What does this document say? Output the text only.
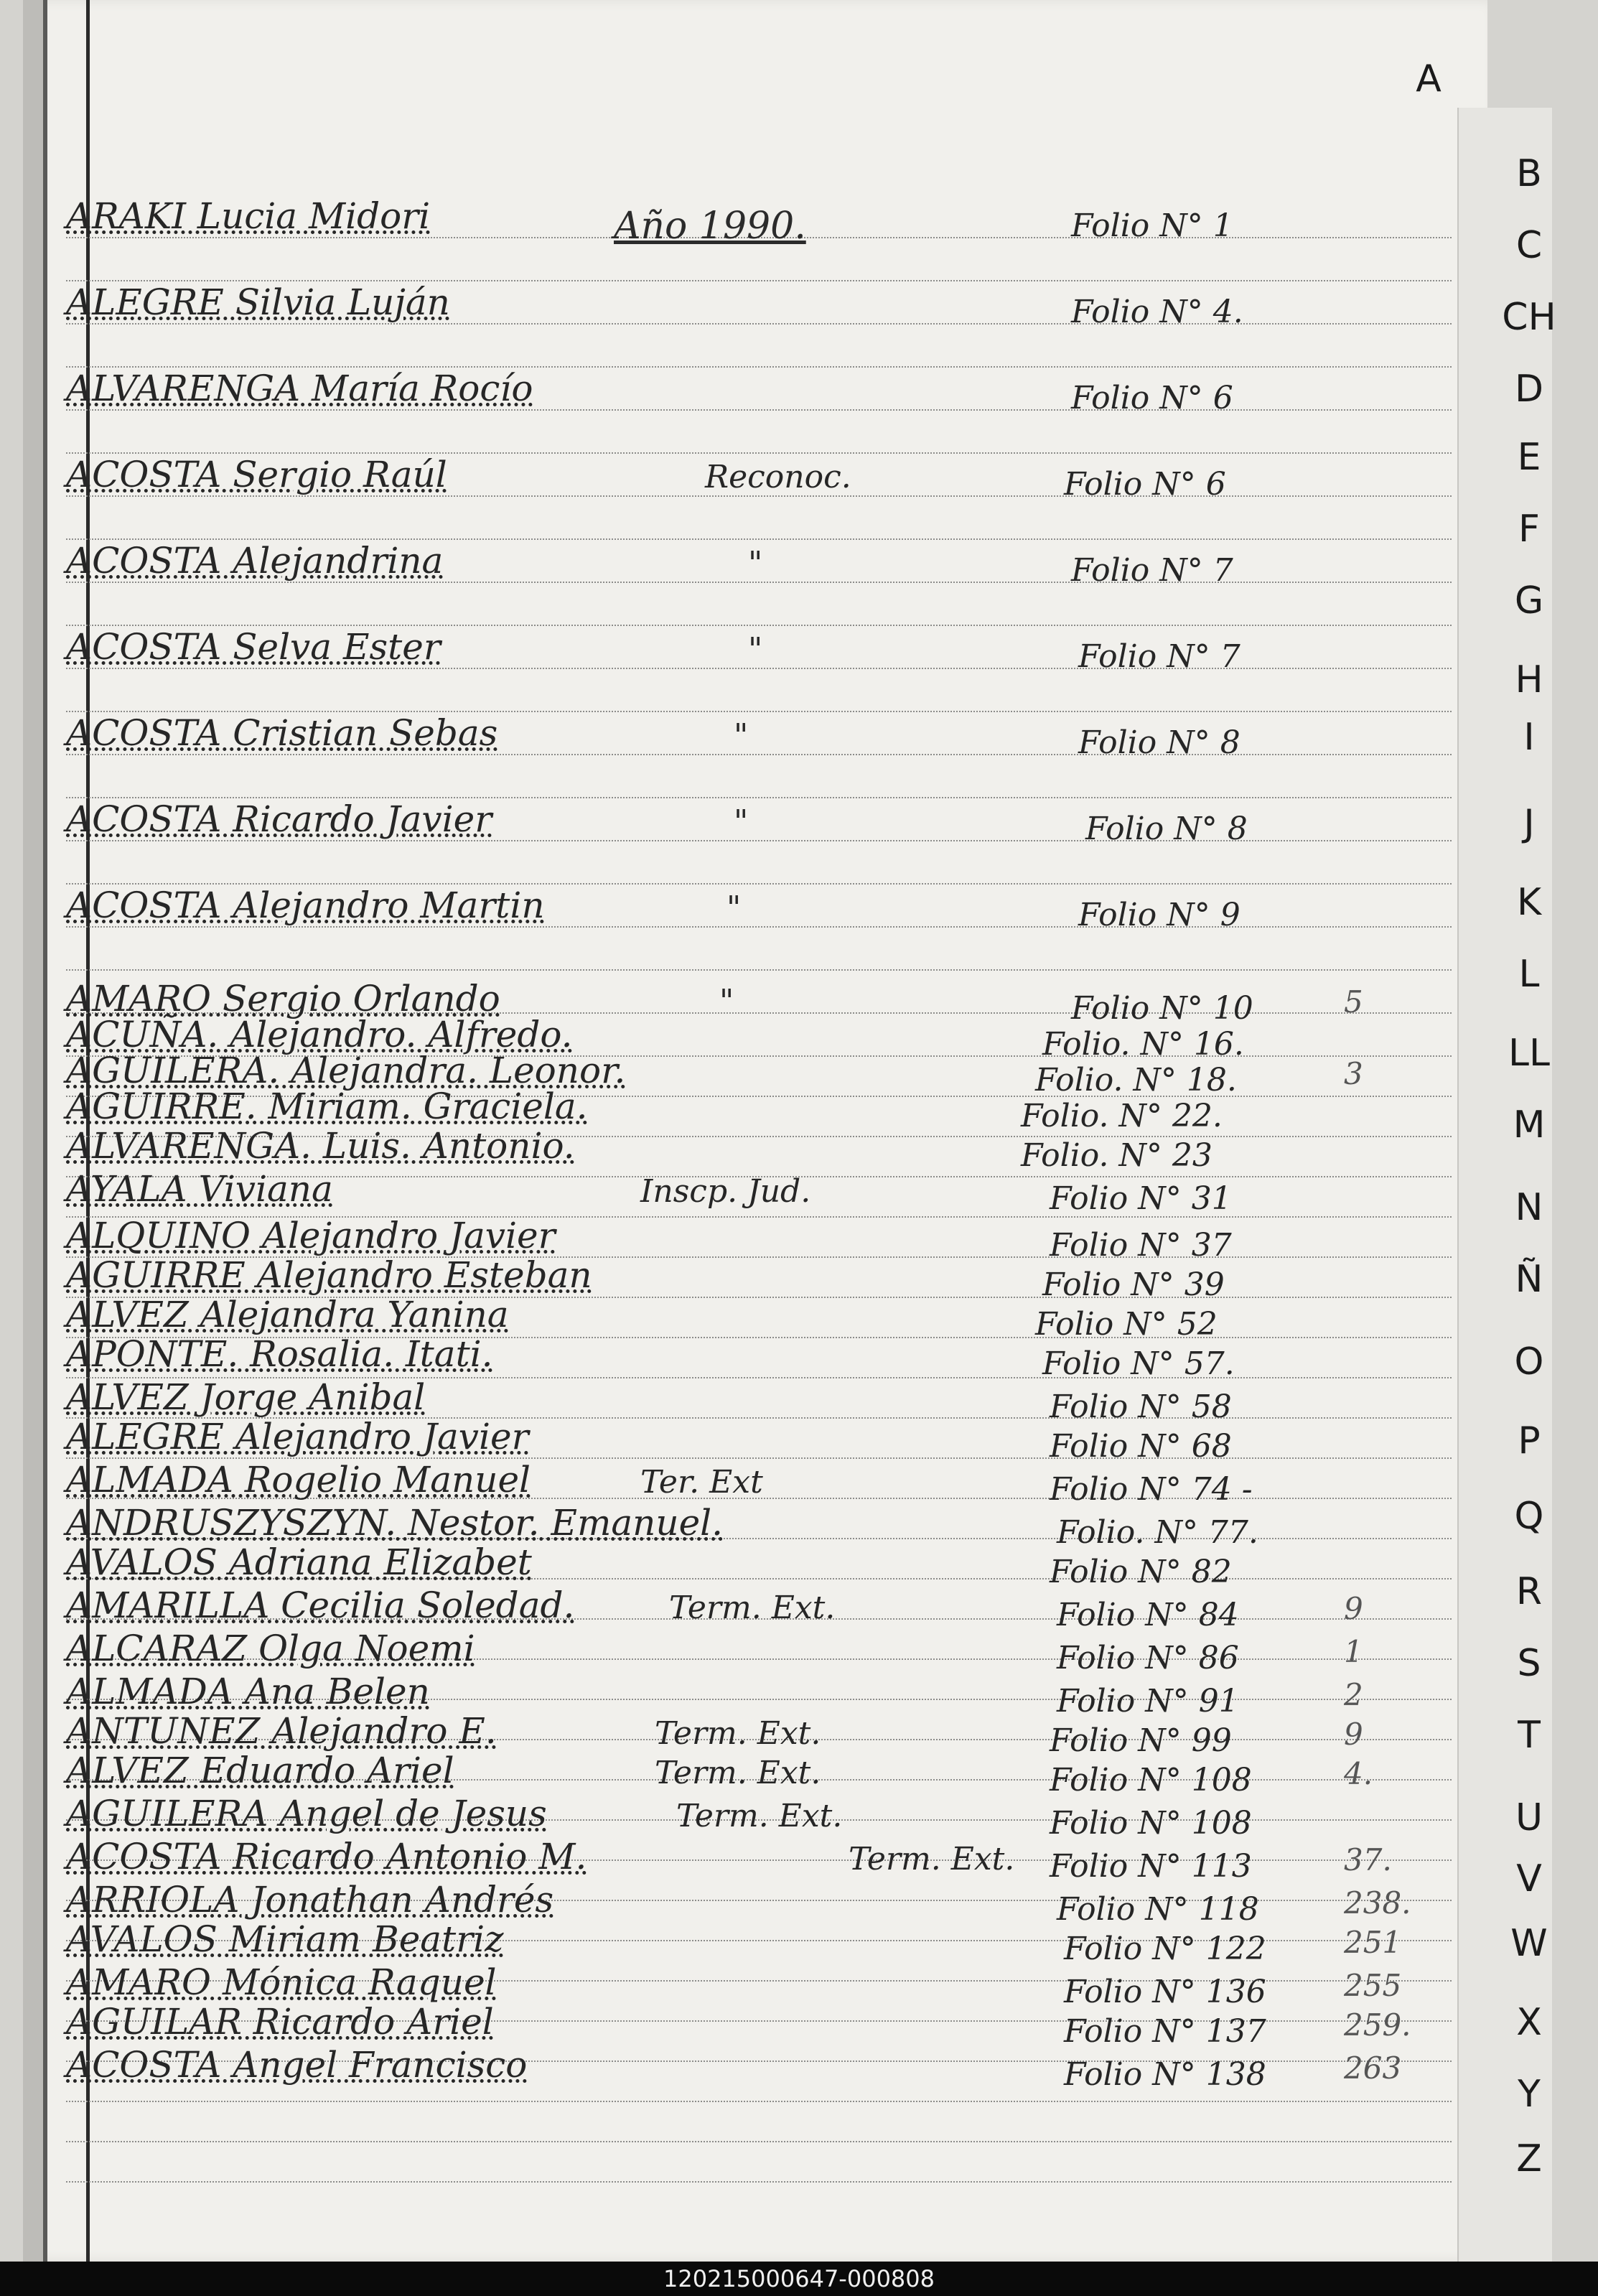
A
B
C
CH
D
E
F
G
H
I
J
K
L
LL
M
N
Ñ
O
P
Q
R
S
T
U
V
W
X
Y
Z
Año 1990.
ARAKI Lucia Midori	Folio N° 1
ALEGRE Silvia Luján	Folio N° 4.
ALVARENGA María Rocío	Folio N° 6
ACOSTA Sergio Raúl	Reconoc.	Folio N° 6
ACOSTA Alejandrina	"	Folio N° 7
ACOSTA Selva Ester	"	Folio N° 7
ACOSTA Cristian Sebas	"	Folio N° 8
ACOSTA Ricardo Javier	"	Folio N° 8
ACOSTA Alejandro Martin	"	Folio N° 9
AMARO Sergio Orlando	"	Folio N° 10	5
ACUÑA. Alejandro. Alfredo.	Folio. N° 16.
AGUILERA. Alejandra. Leonor.	Folio. N° 18.	3
AGUIRRE. Miriam. Graciela.	Folio. N° 22.
ALVARENGA. Luis. Antonio.	Folio. N° 23
AYALA Viviana	Inscp. Jud.	Folio N° 31
ALQUINO Alejandro Javier	Folio N° 37
AGUIRRE Alejandro Esteban	Folio N° 39
ALVEZ Alejandra Yanina	Folio N° 52
APONTE. Rosalia. Itati.	Folio N° 57.
ALVEZ Jorge Anibal	Folio N° 58
ALEGRE Alejandro Javier	Folio N° 68
ALMADA Rogelio Manuel	Ter. Ext	Folio N° 74 -
ANDRUSZYSZYN. Nestor. Emanuel.	Folio. N° 77.
AVALOS Adriana Elizabet	Folio N° 82
AMARILLA Cecilia Soledad.	Term. Ext.	Folio N° 84	9
ALCARAZ Olga Noemi	Folio N° 86	1
ALMADA Ana Belen	Folio N° 91	2
ANTUNEZ Alejandro E.	Term. Ext.	Folio N° 99	9
ALVEZ Eduardo Ariel	Term. Ext.	Folio N° 108	4.
AGUILERA Angel de Jesus	Term. Ext.	Folio N° 108
ACOSTA Ricardo Antonio M.	Term. Ext. Folio N° 113	37.
ARRIOLA Jonathan Andrés	Folio N° 118	238.
AVALOS Miriam Beatriz	Folio N° 122	251
AMARO Mónica Raquel	Folio N° 136	255
AGUILAR Ricardo Ariel	Folio N° 137	259.
ACOSTA Angel Francisco	Folio N° 138	263
120215000647-000808
